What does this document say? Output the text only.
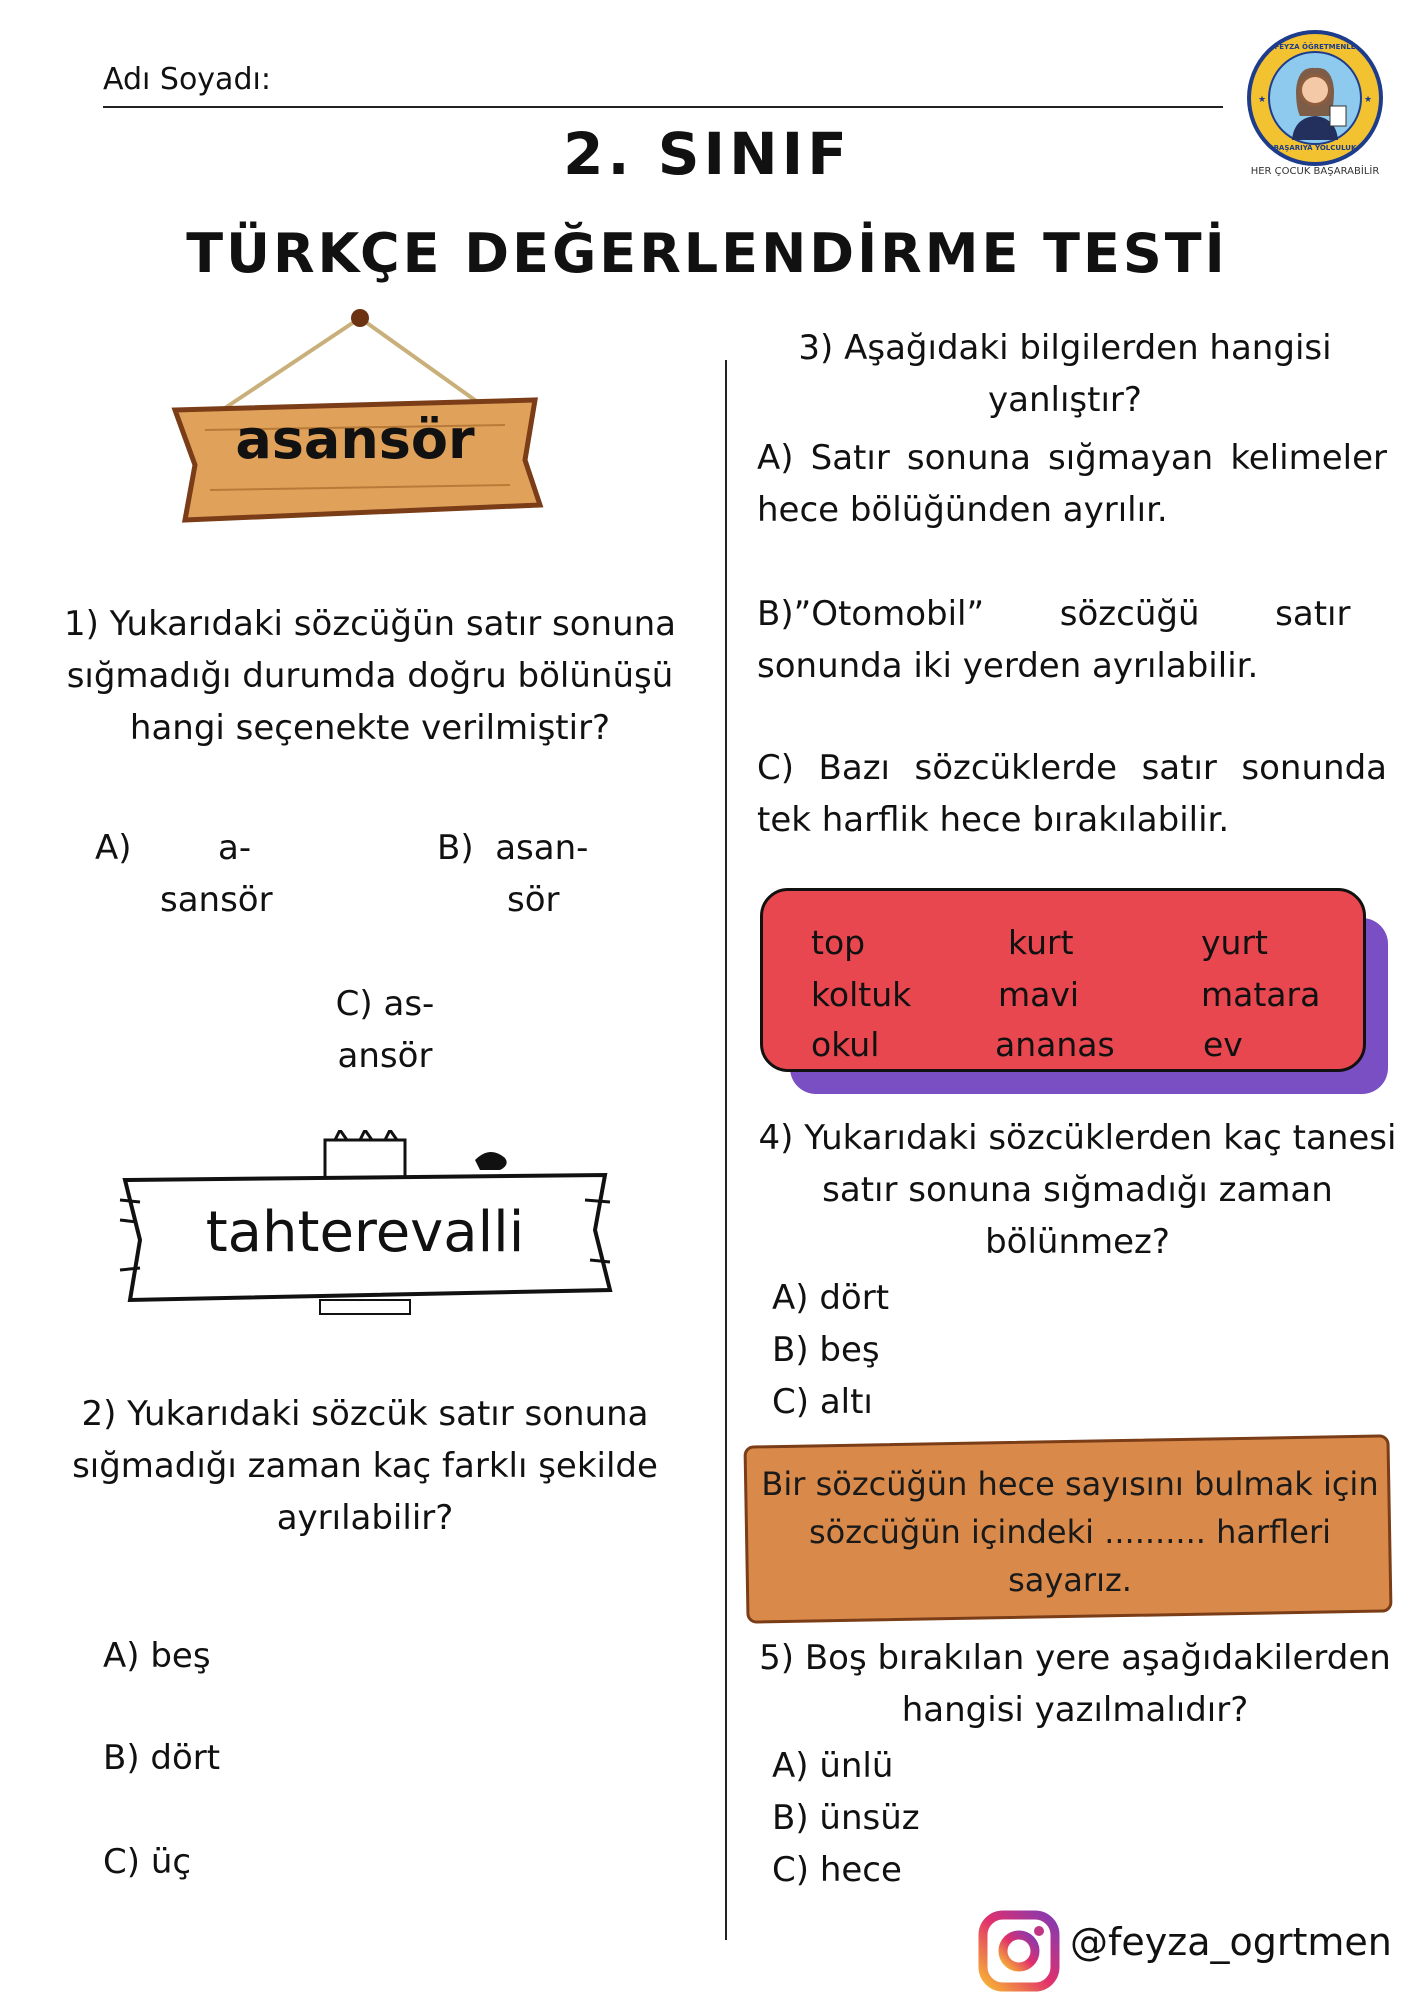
Adı Soyadı:
★	★
FEYZA ÖĞRETMENLE
BAŞARIYA YOLCULUK
HER ÇOCUK BAŞARABİLİR
2. SINIF
TÜRKÇE DEĞERLENDİRME TESTİ
asansör
1) Yukarıdaki sözcüğün satır sonuna
sığmadığı durumda doğru bölünüşü
hangi seçenekte verilmiştir?
A)        a-
sansör
B)  asan-
sör
C) as-
ansör
tahterevalli
2) Yukarıdaki sözcük satır sonuna
sığmadığı zaman kaç farklı şekilde
ayrılabilir?
A) beş
B) dört
C) üç
3) Aşağıdaki bilgilerden hangisi
yanlıştır?
A) Satır sonuna sığmayan kelimeler
hece bölüğünden ayrılır.
B)”Otomobil”       sözcüğü       satır
sonunda iki yerden ayrılabilir.
C) Bazı sözcüklerde satır sonunda
tek harflik hece bırakılabilir.
top	kurt	yurt
koltuk	mavi	matara
okul	ananas	ev
4) Yukarıdaki sözcüklerden kaç tanesi
satır sonuna sığmadığı zaman
bölünmez?
A) dört
B) beş
C) altı
Bir sözcüğün hece sayısını bulmak için
sözcüğün içindeki .......... harfleri
sayarız.
5) Boş bırakılan yere aşağıdakilerden
hangisi yazılmalıdır?
A) ünlü
B) ünsüz
C) hece
@feyza_ogrtmen
